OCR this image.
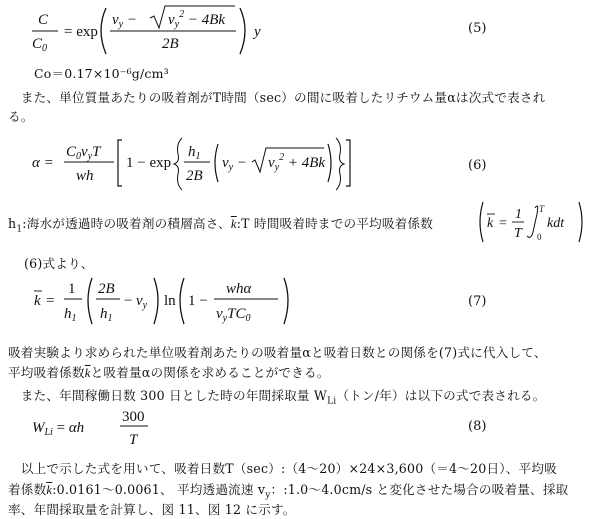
C
$C_0$
= exp
$v_y - v_y^2 - 4Bk$
2B
y	(5)
Co＝0.17×10⁻⁶g/cm³
　また、単位質量あたりの吸着剤がT時間（sec）の間に吸着したリチウム量αは次式で表され
る。
α =
$C_0v_yT$
wh
1 − exp
$h_1$
2B
$v_y - v_y^2 + 4Bk$	(6)
$h_1$:海水が透過時の吸着剤の積層高さ、$\overline{k}:T$ 時間吸着時までの平均吸着係数	k =
1
T
T
0
kdt
(6)式より、
k =
1
$h_1$
2B
$h_1$
− $v_y$ ln 1 −
whα
$v_yTC_0$
(7)
吸着実験より求められた単位吸着剤あたりの吸着量αと吸着日数との関係を(7)式に代入して、
平均吸着係数$\overline{k}$と吸着量αの関係を求めることができる。
　また、年間稼働日数 300 日とした時の年間採取量 $W_{Li}$（トン/年）は以下の式で表される。
$W_{Li} = \alpha h$
300
T
(8)
　以上で示した式を用いて、吸着日数T（sec）:（4～20）×24×3,600（＝4～20日）、平均吸
着係数$\overline{k}:0.0161\sim 0.0061$、 平均透過流速 $v_y$：:1.0～4.0cm/s と変化させた場合の吸着量、採取
率、年間採取量を計算し、図 11、図 12 に示す。
